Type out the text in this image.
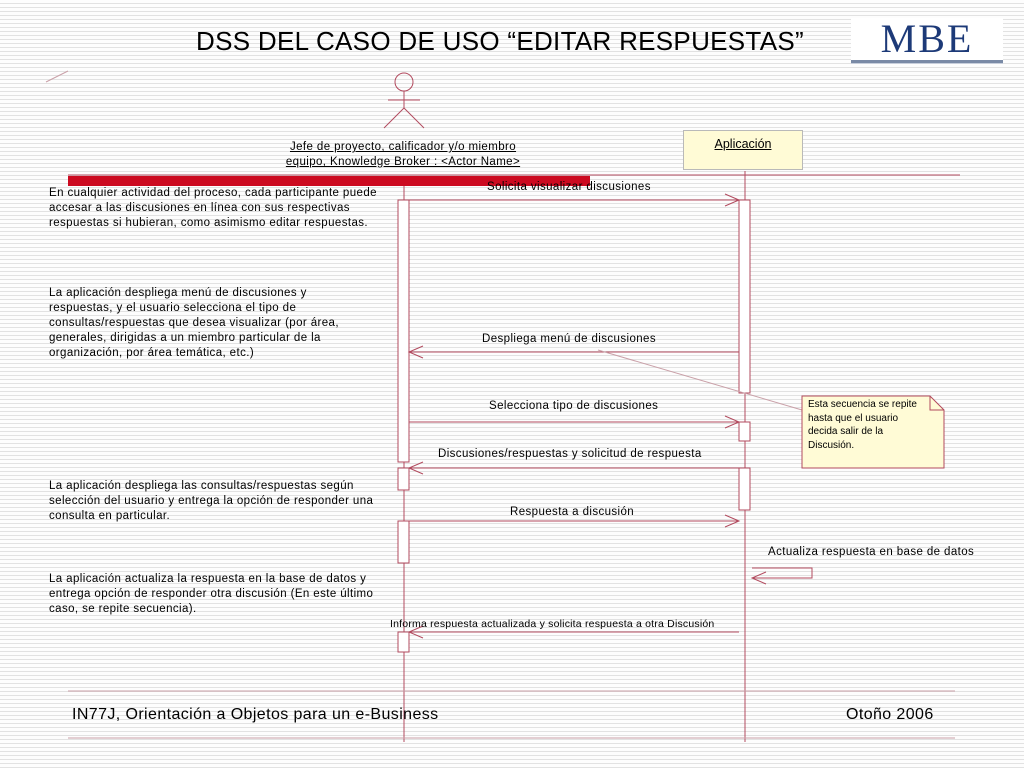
DSS DEL CASO DE USO “EDITAR RESPUESTAS”	MBE
Jefe de proyecto, calificador y/o miembro
equipo, Knowledge Broker : <Actor Name>
Aplicación
En cualquier actividad del proceso, cada participante puede accesar a las discusiones en línea con sus respectivas respuestas si hubieran, como asimismo editar respuestas.
La aplicación despliega menú de discusiones y respuestas, y el usuario selecciona el tipo de consultas/respuestas que desea visualizar (por área, generales, dirigidas a un miembro particular de la organización, por área temática, etc.)
La aplicación despliega las consultas/respuestas según selección del usuario y entrega la opción de responder una consulta en particular.
La aplicación actualiza la respuesta en la base de datos y entrega opción de responder otra discusión (En este último caso, se repite secuencia).
Solicita visualizar discusiones
Despliega menú de discusiones
Selecciona tipo de discusiones
Discusiones/respuestas y solicitud de respuesta
Respuesta a discusión
Actualiza respuesta en base de datos
Informa respuesta actualizada y solicita respuesta a otra Discusión
Esta secuencia se repite hasta que el usuario decida salir de la Discusión.
IN77J, Orientación a Objetos para un e-Business	Otoño 2006
